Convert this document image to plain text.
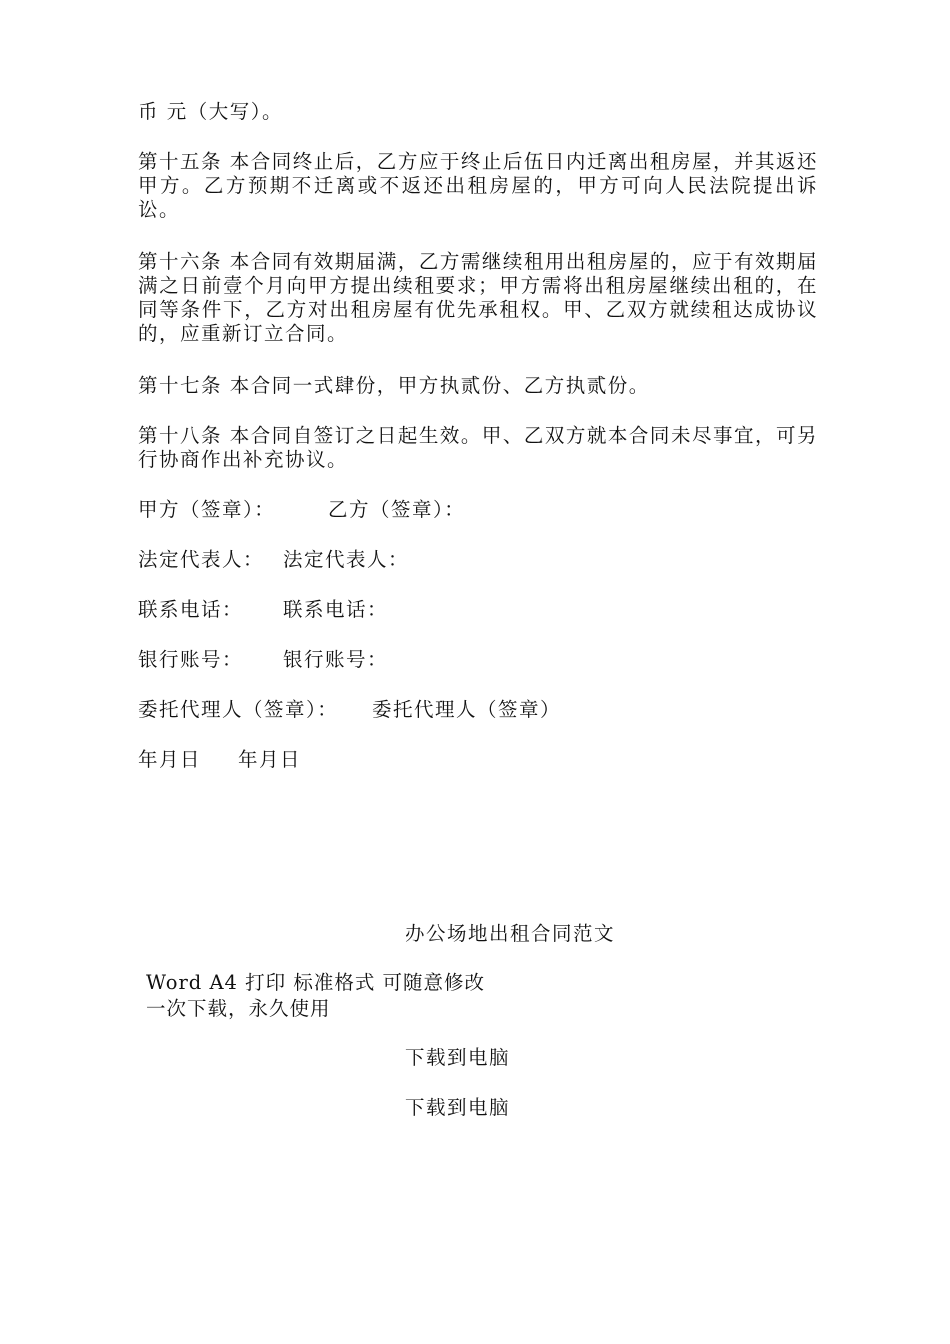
币 元（大写）。
第十五条 本合同终止后，乙方应于终止后伍日内迁离出租房屋，并其返还甲方。乙方预期不迁离或不返还出租房屋的，甲方可向人民法院提出诉讼。
第十六条 本合同有效期届满，乙方需继续租用出租房屋的，应于有效期届满之日前壹个月向甲方提出续租要求；甲方需将出租房屋继续出租的，在同等条件下，乙方对出租房屋有优先承租权。甲、乙双方就续租达成协议的，应重新订立合同。
第十七条 本合同一式肆份，甲方执贰份、乙方执贰份。
第十八条 本合同自签订之日起生效。甲、乙双方就本合同未尽事宜，可另行协商作出补充协议。
甲方（签章）：	乙方（签章）：
法定代表人： 法定代表人：
联系电话： 联系电话：
银行账号： 银行账号：
委托代理人（签章）： 委托代理人（签章）
年月日 年月日
办公场地出租合同范文
Word A4 打印 标准格式 可随意修改
一次下载，永久使用
下载到电脑
下载到电脑
